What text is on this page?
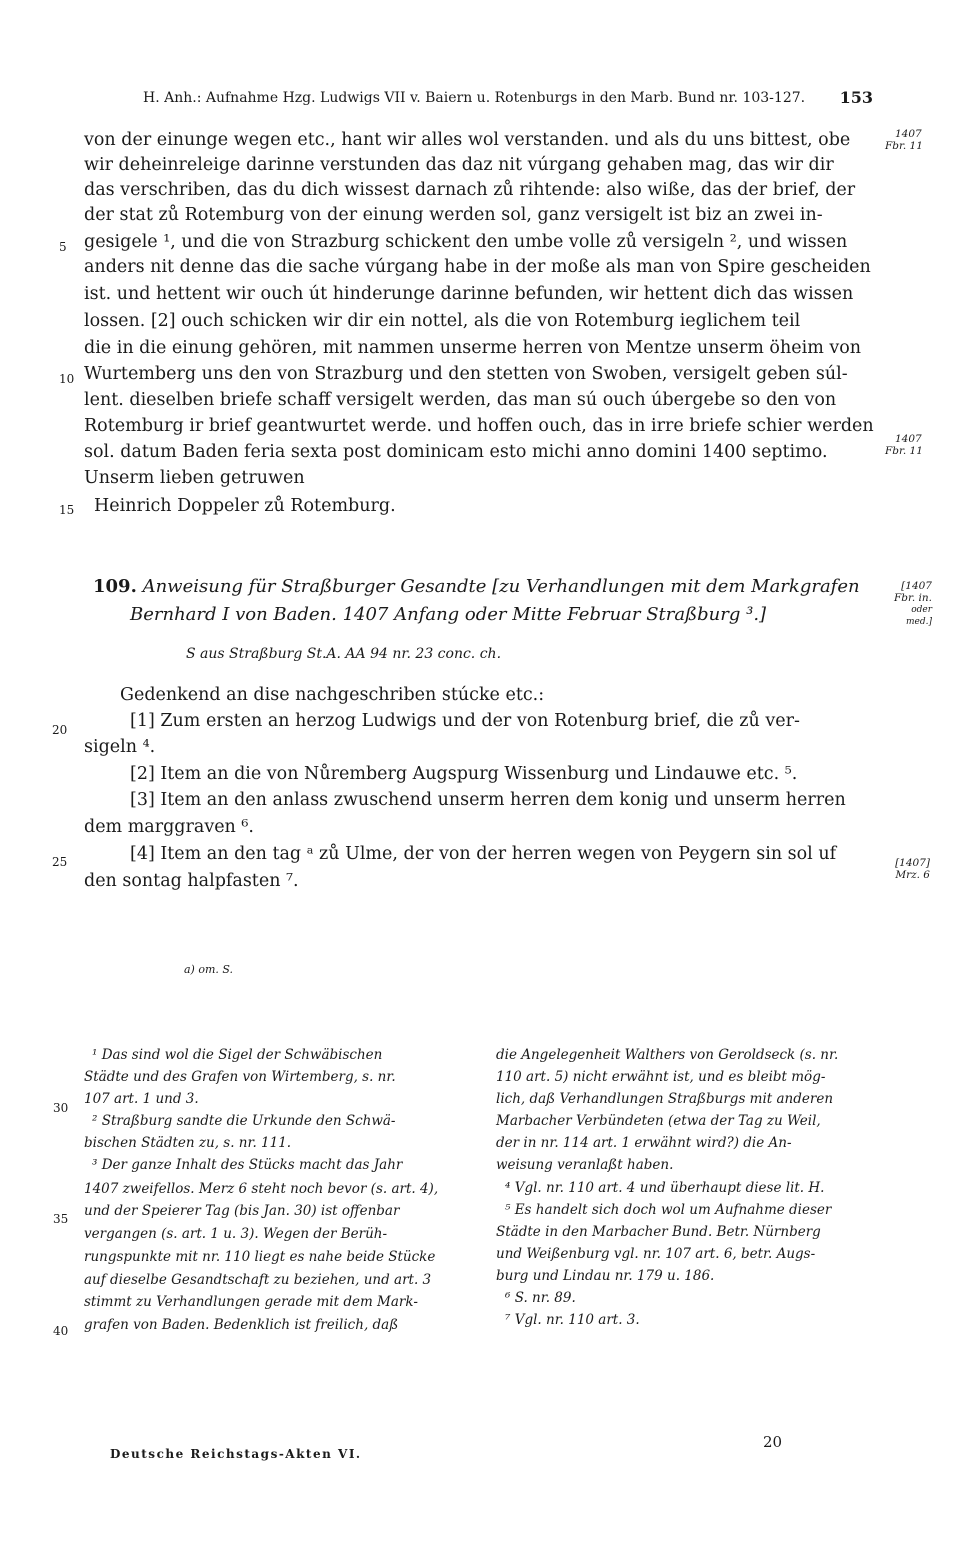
H. Anh.: Aufnahme Hzg. Ludwigs VII v. Baiern u. Rotenburgs in den Marb. Bund nr. 103-127. 153
von der einunge wegen etc., hant wir alles wol verstanden. und als du uns bittest, obe
wir deheinreleige darinne verstunden das daz nit vúrgang gehaben mag, das wir dir
das verschriben, das du dich wissest darnach zů rihtende: also wiße, das der brief, der
der stat zů Rotemburg von der einung werden sol, ganz versigelt ist biz an zwei in-
gesigele ¹, und die von Strazburg schickent den umbe volle zů versigeln ², und wissen
anders nit denne das die sache vúrgang habe in der moße als man von Spire gescheiden
ist. und hettent wir ouch út hinderunge darinne befunden, wir hettent dich das wissen
lossen. [2] ouch schicken wir dir ein nottel, als die von Rotemburg ieglichem teil
die in die einung gehören, mit nammen unserme herren von Mentze unserm öheim von
Wurtemberg uns den von Strazburg und den stetten von Swoben, versigelt geben súl-
lent. dieselben briefe schaff versigelt werden, das man sú ouch úbergebe so den von
Rotemburg ir brief geantwurtet werde. und hoffen ouch, das in irre briefe schier werden
sol. datum Baden feria sexta post dominicam esto michi anno domini 1400 septimo.
Unserm lieben getruwen
Heinrich Doppeler zů Rotemburg.
5
10
15
1407
Fbr. 11
1407
Fbr. 11
109. Anweisung für Straßburger Gesandte [zu Verhandlungen mit dem Markgrafen
Bernhard I von Baden. 1407 Anfang oder Mitte Februar Straßburg ³.]
S aus Straßburg St.A. AA 94 nr. 23 conc. ch.
[1407
Fbr. in.
oder
med.]
Gedenkend an dise nachgeschriben stúcke etc.:
[1] Zum ersten an herzog Ludwigs und der von Rotenburg brief, die zů ver-
sigeln ⁴.
[2] Item an die von Nůremberg Augspurg Wissenburg und Lindauwe etc. ⁵.
[3] Item an den anlass zwuschend unserm herren dem konig und unserm herren
dem marggraven ⁶.
[4] Item an den tag ᵃ zů Ulme, der von der herren wegen von Peygern sin sol uf
den sontag halpfasten ⁷.
20
25	[1407]
Mrz. 6
a) om. S.
¹ Das sind wol die Sigel der Schwäbischen
Städte und des Grafen von Wirtemberg, s. nr.
107 art. 1 und 3.
² Straßburg sandte die Urkunde den Schwä-
bischen Städten zu, s. nr. 111.
³ Der ganze Inhalt des Stücks macht das Jahr
1407 zweifellos. Merz 6 steht noch bevor (s. art. 4),
und der Speierer Tag (bis Jan. 30) ist offenbar
vergangen (s. art. 1 u. 3). Wegen der Berüh-
rungspunkte mit nr. 110 liegt es nahe beide Stücke
auf dieselbe Gesandtschaft zu beziehen, und art. 3
stimmt zu Verhandlungen gerade mit dem Mark-
grafen von Baden. Bedenklich ist freilich, daß
30
35
40
die Angelegenheit Walthers von Geroldseck (s. nr.
110 art. 5) nicht erwähnt ist, und es bleibt mög-
lich, daß Verhandlungen Straßburgs mit anderen
Marbacher Verbündeten (etwa der Tag zu Weil,
der in nr. 114 art. 1 erwähnt wird?) die An-
weisung veranlaßt haben.
⁴ Vgl. nr. 110 art. 4 und überhaupt diese lit. H.
⁵ Es handelt sich doch wol um Aufnahme dieser
Städte in den Marbacher Bund. Betr. Nürnberg
und Weißenburg vgl. nr. 107 art. 6, betr. Augs-
burg und Lindau nr. 179 u. 186.
⁶ S. nr. 89.
⁷ Vgl. nr. 110 art. 3.
Deutsche Reichstags-Akten VI.
20
